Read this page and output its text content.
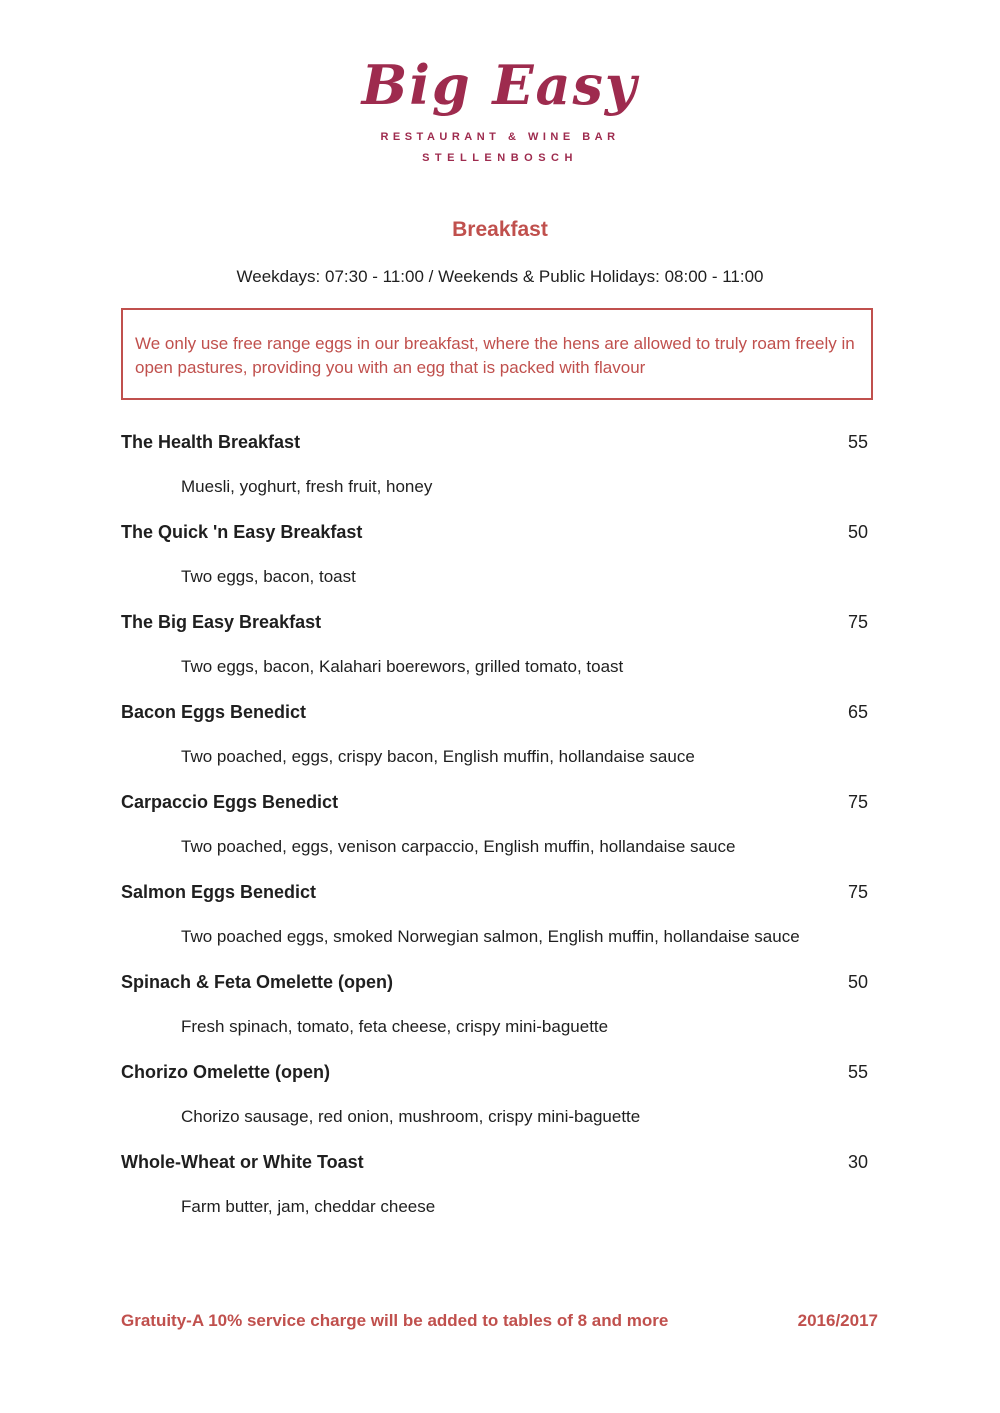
Big Easy
RESTAURANT & WINE BAR
STELLENBOSCH
Breakfast
Weekdays: 07:30 - 11:00 / Weekends & Public Holidays: 08:00 - 11:00
We only use free range eggs in our breakfast, where the hens are allowed to truly roam freely in open pastures, providing you with an egg that is packed with flavour
The Health Breakfast	55
Muesli, yoghurt, fresh fruit, honey
The Quick 'n Easy Breakfast	50
Two eggs, bacon, toast
The Big Easy Breakfast	75
Two eggs, bacon, Kalahari boerewors, grilled tomato, toast
Bacon Eggs Benedict	65
Two poached, eggs, crispy bacon, English muffin, hollandaise sauce
Carpaccio Eggs Benedict	75
Two poached, eggs, venison carpaccio, English muffin, hollandaise sauce
Salmon Eggs Benedict	75
Two poached eggs, smoked Norwegian salmon, English muffin, hollandaise sauce
Spinach & Feta Omelette (open)	50
Fresh spinach, tomato, feta cheese, crispy mini-baguette
Chorizo Omelette (open)	55
Chorizo sausage, red onion, mushroom, crispy mini-baguette
Whole-Wheat or White Toast	30
Farm butter, jam, cheddar cheese
Gratuity-A 10% service charge will be added to tables of 8 and more	2016/2017
